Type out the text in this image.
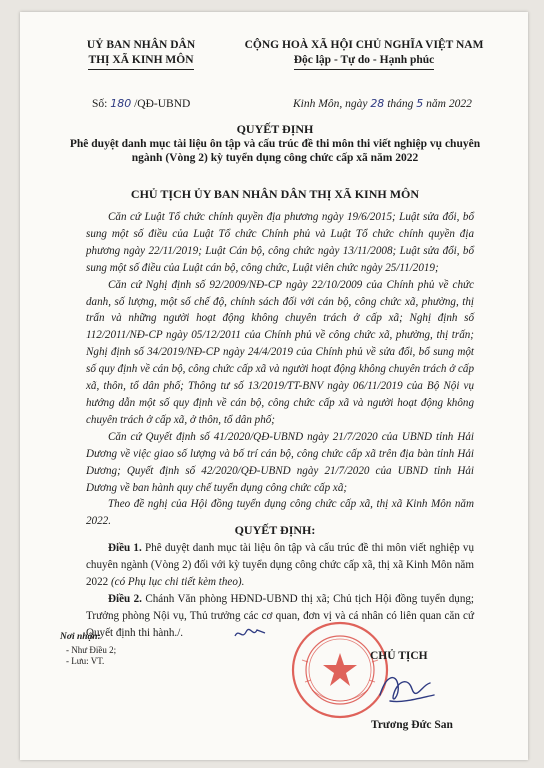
UỶ BAN NHÂN DÂN
THỊ XÃ KINH MÔN
CỘNG HOÀ XÃ HỘI CHỦ NGHĨA VIỆT NAM
Độc lập - Tự do - Hạnh phúc
Số: 180 /QĐ-UBND	Kinh Môn, ngày 28 tháng 5 năm 2022
QUYẾT ĐỊNH
Phê duyệt danh mục tài liệu ôn tập và cấu trúc đề thi môn thi viết nghiệp vụ chuyên ngành (Vòng 2) kỳ tuyển dụng công chức cấp xã năm 2022
CHỦ TỊCH ỦY BAN NHÂN DÂN THỊ XÃ KINH MÔN

Căn cứ Luật Tổ chức chính quyền địa phương ngày 19/6/2015; Luật sửa đổi, bổ sung một số điều của Luật Tổ chức Chính phủ và Luật Tổ chức chính quyền địa phương ngày 22/11/2019; Luật Cán bộ, công chức ngày 13/11/2008; Luật sửa đổi, bổ sung một số điều của Luật cán bộ, công chức, Luật viên chức ngày 25/11/2019;

Căn cứ Nghị định số 92/2009/NĐ-CP ngày 22/10/2009 của Chính phủ về chức danh, số lượng, một số chế độ, chính sách đối với cán bộ, công chức xã, phường, thị trấn và những người hoạt động không chuyên trách ở cấp xã; Nghị định số 112/2011/NĐ-CP ngày 05/12/2011 của Chính phủ về công chức xã, phường, thị trấn; Nghị định số 34/2019/NĐ-CP ngày 24/4/2019 của Chính phủ về sửa đổi, bổ sung một số quy định về cán bộ, công chức cấp xã và người hoạt động không chuyên trách ở cấp xã, thôn, tổ dân phố; Thông tư số 13/2019/TT-BNV ngày 06/11/2019 của Bộ Nội vụ hướng dẫn một số quy định về cán bộ, công chức cấp xã và người hoạt động không chuyên trách ở cấp xã, ở thôn, tổ dân phố;

Căn cứ Quyết định số 41/2020/QĐ-UBND ngày 21/7/2020 của UBND tỉnh Hải Dương về việc giao số lượng và bố trí cán bộ, công chức cấp xã trên địa bàn tỉnh Hải Dương; Quyết định số 42/2020/QĐ-UBND ngày 21/7/2020 của UBND tỉnh Hải Dương về ban hành quy chế tuyển dụng công chức cấp xã;

Theo đề nghị của Hội đồng tuyển dụng công chức cấp xã, thị xã Kinh Môn năm 2022.

QUYẾT ĐỊNH:

Điều 1. Phê duyệt danh mục tài liệu ôn tập và cấu trúc đề thi môn viết nghiệp vụ chuyên ngành (Vòng 2) đối với kỳ tuyển dụng công chức cấp xã, thị xã Kinh Môn năm 2022 (có Phụ lục chi tiết kèm theo).

Điều 2. Chánh Văn phòng HĐND-UBND thị xã; Chủ tịch Hội đồng tuyển dụng; Trưởng phòng Nội vụ, Thủ trưởng các cơ quan, đơn vị và cá nhân có liên quan căn cứ Quyết định thi hành./.

Nơi nhận:
- Như Điều 2;
- Lưu: VT.	CHỦ TỊCH
Trương Đức San
